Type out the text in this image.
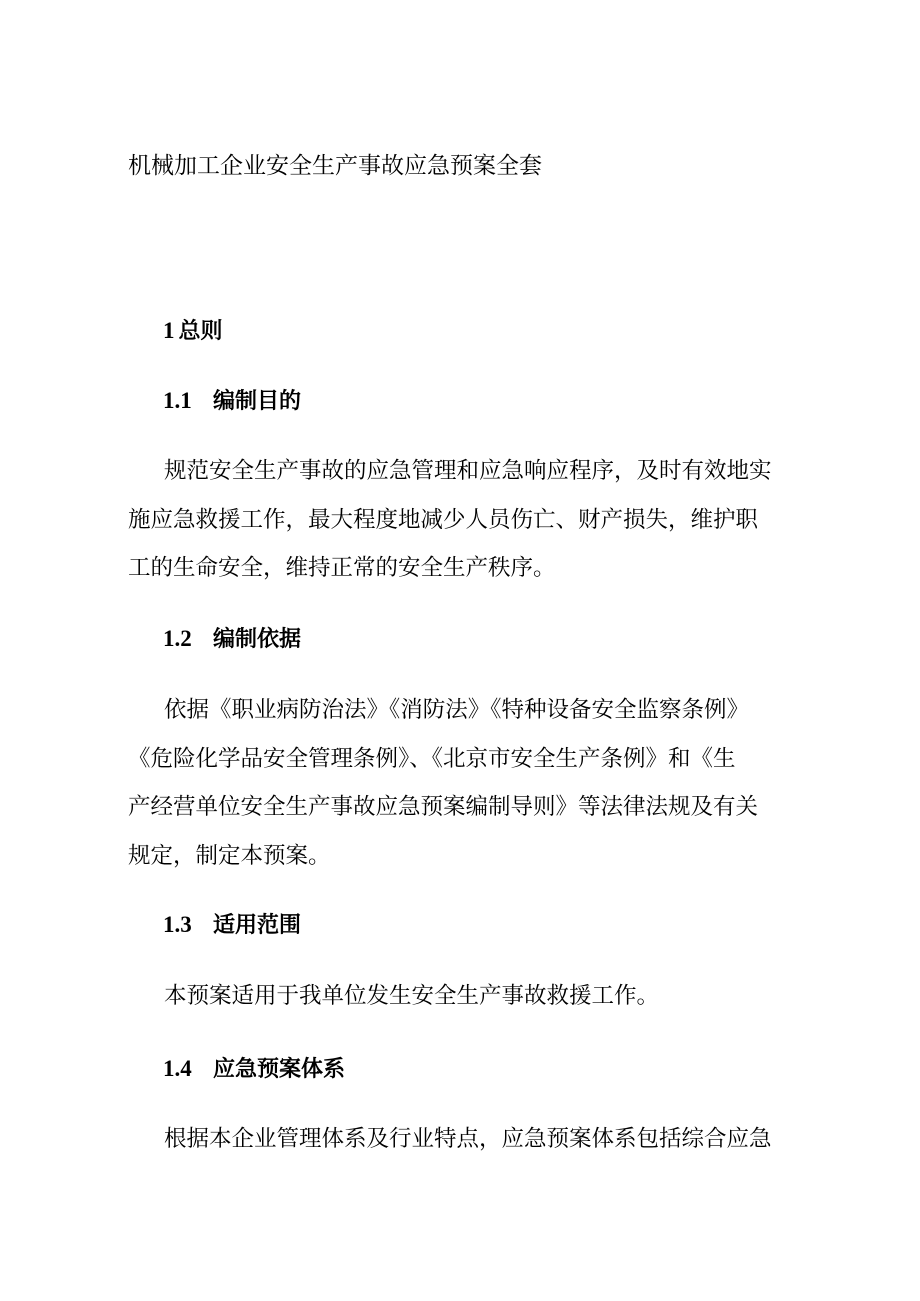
机械加工企业安全生产事故应急预案全套
1 总则
1.1 编制目的
规范安全生产事故的应急管理和应急响应程序，及时有效地实
施应急救援工作，最大程度地减少人员伤亡、财产损失，维护职
工的生命安全，维持正常的安全生产秩序。
1.2 编制依据
依据《职业病防治法》《消防法》《特种设备安全监察条例》
《危险化学品安全管理条例》、《北京市安全生产条例》和《生
产经营单位安全生产事故应急预案编制导则》等法律法规及有关
规定，制定本预案。
1.3 适用范围
本预案适用于我单位发生安全生产事故救援工作。
1.4 应急预案体系
根据本企业管理体系及行业特点，应急预案体系包括综合应急
